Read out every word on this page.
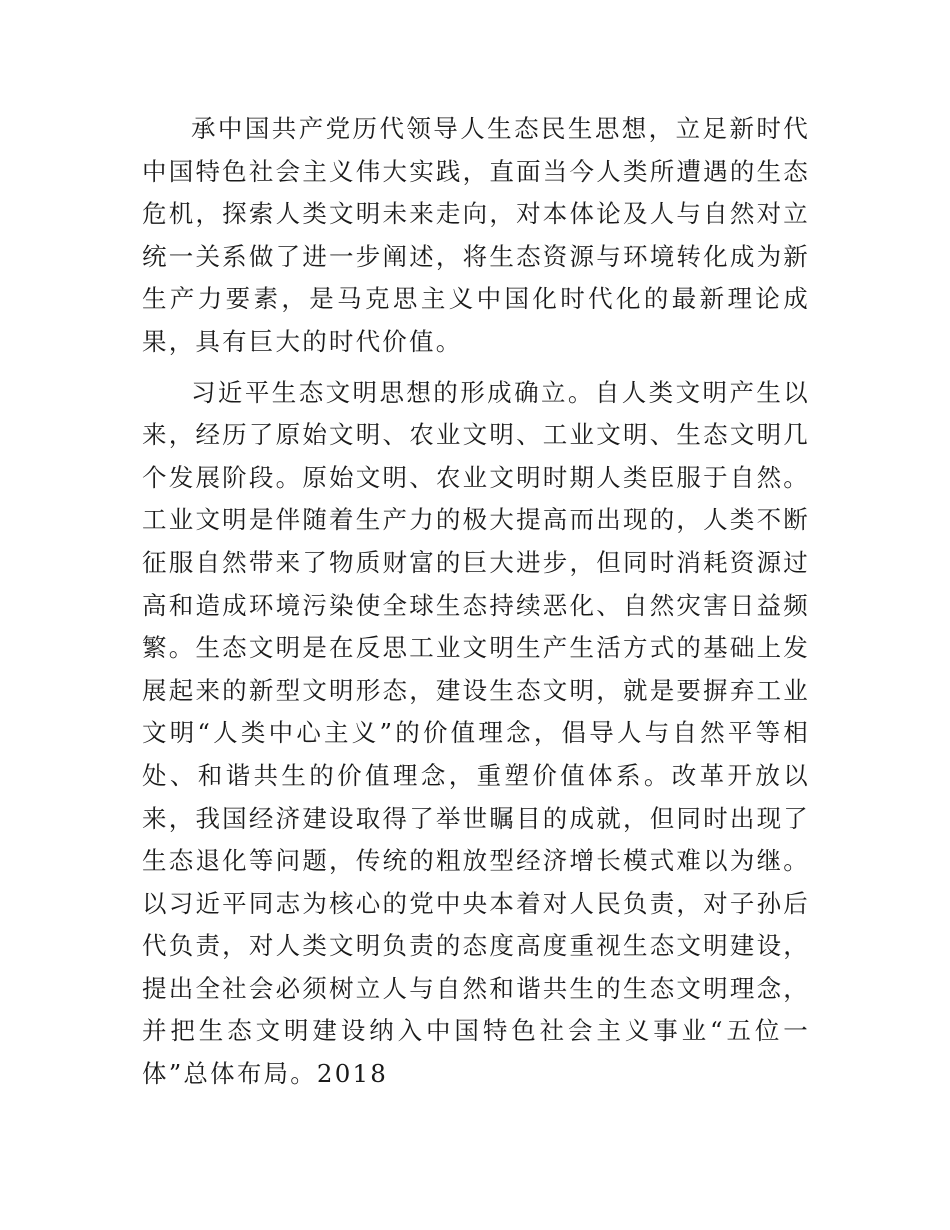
承中国共产党历代领导人生态民生思想，立足新时代中国特色社会主义伟大实践，直面当今人类所遭遇的生态危机，探索人类文明未来走向，对本体论及人与自然对立统一关系做了进一步阐述，将生态资源与环境转化成为新生产力要素，是马克思主义中国化时代化的最新理论成果，具有巨大的时代价值。

习近平生态文明思想的形成确立。自人类文明产生以来，经历了原始文明、农业文明、工业文明、生态文明几个发展阶段。原始文明、农业文明时期人类臣服于自然。工业文明是伴随着生产力的极大提高而出现的，人类不断征服自然带来了物质财富的巨大进步，但同时消耗资源过高和造成环境污染使全球生态持续恶化、自然灾害日益频繁。生态文明是在反思工业文明生产生活方式的基础上发展起来的新型文明形态，建设生态文明，就是要摒弃工业文明“人类中心主义”的价值理念，倡导人与自然平等相处、和谐共生的价值理念，重塑价值体系。改革开放以来，我国经济建设取得了举世瞩目的成就，但同时出现了生态退化等问题，传统的粗放型经济增长模式难以为继。以习近平同志为核心的党中央本着对人民负责，对子孙后代负责，对人类文明负责的态度高度重视生态文明建设，提出全社会必须树立人与自然和谐共生的生态文明理念，并把生态文明建设纳入中国特色社会主义事业“五位一体”总体布局。2018
